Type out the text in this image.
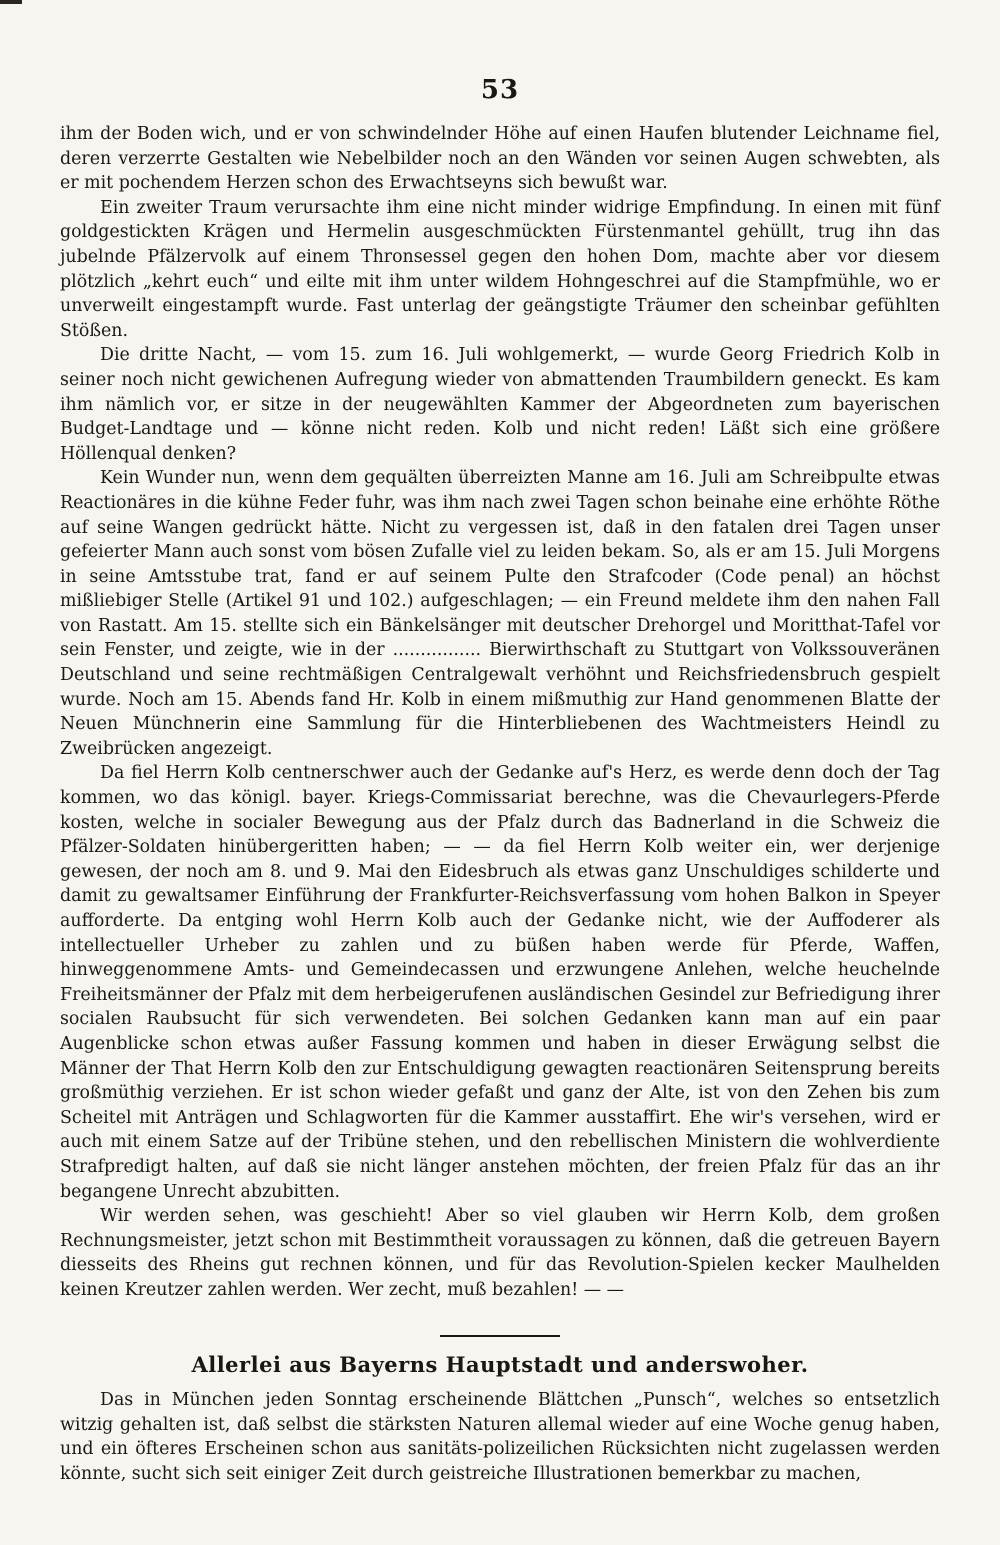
53

ihm der Boden wich, und er von schwindelnder Höhe auf einen Haufen blutender Leichname fiel, deren verzerrte Gestalten wie Nebelbilder noch an den Wänden vor seinen Augen schwebten, als er mit pochendem Herzen schon des Erwachtseyns sich bewußt war.

Ein zweiter Traum verursachte ihm eine nicht minder widrige Empfindung. In einen mit fünf goldgestickten Krägen und Hermelin ausgeschmückten Fürstenmantel gehüllt, trug ihn das jubelnde Pfälzervolk auf einem Thronsessel gegen den hohen Dom, machte aber vor diesem plötzlich „kehrt euch“ und eilte mit ihm unter wildem Hohngeschrei auf die Stampfmühle, wo er unverweilt eingestampft wurde. Fast unterlag der geängstigte Träumer den scheinbar gefühlten Stößen.

Die dritte Nacht, — vom 15. zum 16. Juli wohlgemerkt, — wurde Georg Friedrich Kolb in seiner noch nicht gewichenen Aufregung wieder von abmattenden Traumbildern geneckt. Es kam ihm nämlich vor, er sitze in der neugewählten Kammer der Abgeordneten zum bayerischen Budget-Landtage und — könne nicht reden. Kolb und nicht reden! Läßt sich eine größere Höllenqual denken?

Kein Wunder nun, wenn dem gequälten überreizten Manne am 16. Juli am Schreibpulte etwas Reactionäres in die kühne Feder fuhr, was ihm nach zwei Tagen schon beinahe eine erhöhte Röthe auf seine Wangen gedrückt hätte. Nicht zu vergessen ist, daß in den fatalen drei Tagen unser gefeierter Mann auch sonst vom bösen Zufalle viel zu leiden bekam. So, als er am 15. Juli Morgens in seine Amtsstube trat, fand er auf seinem Pulte den Strafcoder (Code penal) an höchst mißliebiger Stelle (Artikel 91 und 102.) aufgeschlagen; — ein Freund meldete ihm den nahen Fall von Rastatt. Am 15. stellte sich ein Bänkelsänger mit deutscher Drehorgel und Moritthat-Tafel vor sein Fenster, und zeigte, wie in der ................ Bierwirthschaft zu Stuttgart von Volkssouveränen Deutschland und seine rechtmäßigen Centralgewalt verhöhnt und Reichsfriedensbruch gespielt wurde. Noch am 15. Abends fand Hr. Kolb in einem mißmuthig zur Hand genommenen Blatte der Neuen Münchnerin eine Sammlung für die Hinterbliebenen des Wachtmeisters Heindl zu Zweibrücken angezeigt.

Da fiel Herrn Kolb centnerschwer auch der Gedanke auf's Herz, es werde denn doch der Tag kommen, wo das königl. bayer. Kriegs-Commissariat berechne, was die Chevaurlegers-Pferde kosten, welche in socialer Bewegung aus der Pfalz durch das Badnerland in die Schweiz die Pfälzer-Soldaten hinübergeritten haben; — — da fiel Herrn Kolb weiter ein, wer derjenige gewesen, der noch am 8. und 9. Mai den Eidesbruch als etwas ganz Unschuldiges schilderte und damit zu gewaltsamer Einführung der Frankfurter-Reichsverfassung vom hohen Balkon in Speyer aufforderte. Da entging wohl Herrn Kolb auch der Gedanke nicht, wie der Auffoderer als intellectueller Urheber zu zahlen und zu büßen haben werde für Pferde, Waffen, hinweggenommene Amts- und Gemeindecassen und erzwungene Anlehen, welche heuchelnde Freiheitsmänner der Pfalz mit dem herbeigerufenen ausländischen Gesindel zur Befriedigung ihrer socialen Raubsucht für sich verwendeten. Bei solchen Gedanken kann man auf ein paar Augenblicke schon etwas außer Fassung kommen und haben in dieser Erwägung selbst die Männer der That Herrn Kolb den zur Entschuldigung gewagten reactionären Seitensprung bereits großmüthig verziehen. Er ist schon wieder gefaßt und ganz der Alte, ist von den Zehen bis zum Scheitel mit Anträgen und Schlagworten für die Kammer ausstaffirt. Ehe wir's versehen, wird er auch mit einem Satze auf der Tribüne stehen, und den rebellischen Ministern die wohlverdiente Strafpredigt halten, auf daß sie nicht länger anstehen möchten, der freien Pfalz für das an ihr begangene Unrecht abzubitten.

Wir werden sehen, was geschieht! Aber so viel glauben wir Herrn Kolb, dem großen Rechnungsmeister, jetzt schon mit Bestimmtheit voraussagen zu können, daß die getreuen Bayern diesseits des Rheins gut rechnen können, und für das Revolution-Spielen kecker Maulhelden keinen Kreutzer zahlen werden. Wer zecht, muß bezahlen! — —

Allerlei aus Bayerns Hauptstadt und anderswoher.

Das in München jeden Sonntag erscheinende Blättchen „Punsch“, welches so entsetzlich witzig gehalten ist, daß selbst die stärksten Naturen allemal wieder auf eine Woche genug haben, und ein öfteres Erscheinen schon aus sanitäts-polizeilichen Rücksichten nicht zugelassen werden könnte, sucht sich seit einiger Zeit durch geistreiche Illustrationen bemerkbar zu machen,
